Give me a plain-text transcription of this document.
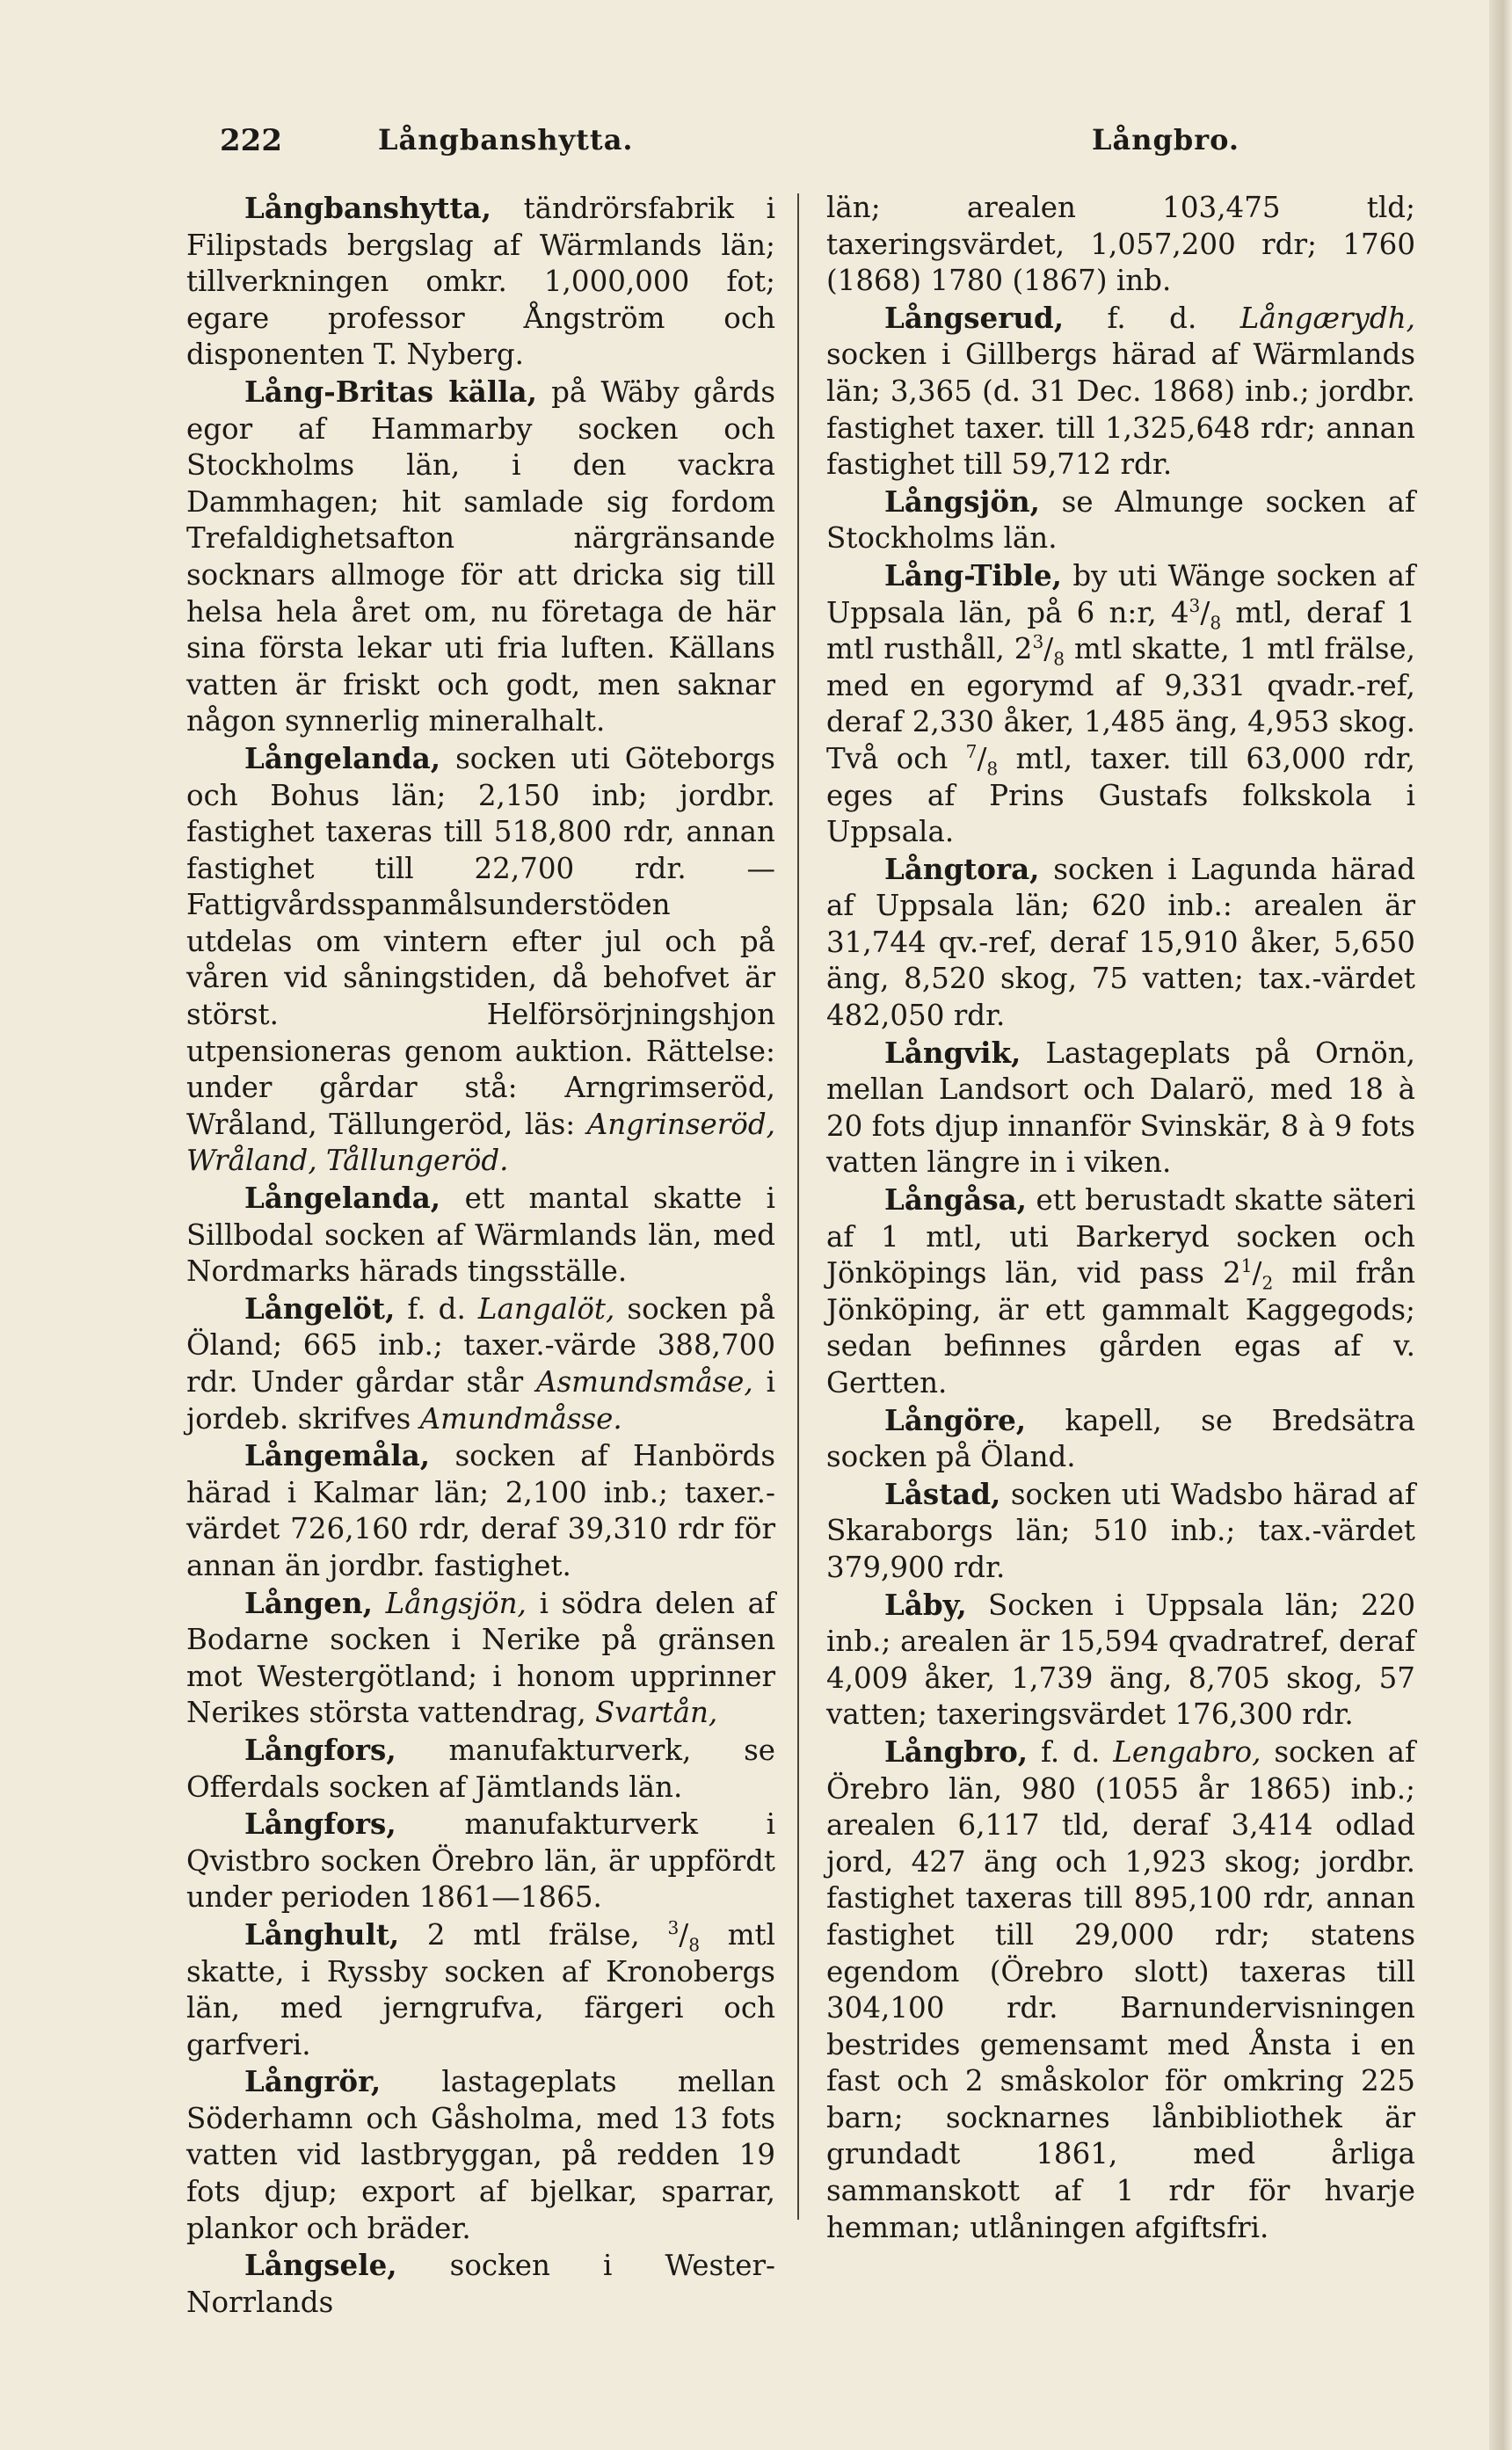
222	Långbanshytta.	Långbro.

Långbanshytta, tändrörsfabrik i Filipstads bergslag af Wärmlands län; tillverkningen omkr. 1,000,000 fot; egare professor Ångström och disponenten T. Nyberg.

Lång-Britas källa, på Wäby gårds egor af Hammarby socken och Stockholms län, i den vackra Dammhagen; hit samlade sig fordom Trefaldighetsafton närgränsande socknars allmoge för att dricka sig till helsa hela året om, nu företaga de här sina första lekar uti fria luften. Källans vatten är friskt och godt, men saknar någon synnerlig mineralhalt.

Långelanda, socken uti Göteborgs och Bohus län; 2,150 inb; jordbr. fastighet taxeras till 518,800 rdr, annan fastighet till 22,700 rdr. — Fattigvårdsspanmålsunderstöden utdelas om vintern efter jul och på våren vid såningstiden, då behofvet är störst. Helförsörjningshjon utpensioneras genom auktion. Rättelse: under gårdar stå: Arngrimseröd, Wråland, Tällungeröd, läs: Angrinseröd, Wråland, Tållungeröd.

Långelanda, ett mantal skatte i Sillbodal socken af Wärmlands län, med Nordmarks härads tingsställe.

Långelöt, f. d. Langalöt, socken på Öland; 665 inb.; taxer.-värde 388,700 rdr. Under gårdar står Asmundsmåse, i jordeb. skrifves Amundmåsse.

Långemåla, socken af Hanbörds härad i Kalmar län; 2,100 inb.; taxer.-värdet 726,160 rdr, deraf 39,310 rdr för annan än jordbr. fastighet.

Lången, Långsjön, i södra delen af Bodarne socken i Nerike på gränsen mot Westergötland; i honom upprinner Nerikes största vattendrag, Svartån,

Långfors, manufakturverk, se Offerdals socken af Jämtlands län.

Långfors, manufakturverk i Qvistbro socken Örebro län, är uppfördt under perioden 1861—1865.

Långhult, 2 mtl frälse, $^3/_8$ mtl skatte, i Ryssby socken af Kronobergs län, med jerngrufva, färgeri och garfveri.

Långrör, lastageplats mellan Söderhamn och Gåsholma, med 13 fots vatten vid lastbryggan, på redden 19 fots djup; export af bjelkar, sparrar, plankor och bräder.

Långsele, socken i Wester-Norrlands

län; arealen 103,475 tld; taxeringsvärdet, 1,057,200 rdr; 1760 (1868) 1780 (1867) inb.

Långserud, f. d. Långærydh, socken i Gillbergs härad af Wärmlands län; 3,365 (d. 31 Dec. 1868) inb.; jordbr. fastighet taxer. till 1,325,648 rdr; annan fastighet till 59,712 rdr.

Långsjön, se Almunge socken af Stockholms län.

Lång-Tible, by uti Wänge socken af Uppsala län, på 6 n:r, $4^3/_8$ mtl, deraf 1 mtl rusthåll, $2^3/_8$ mtl skatte, 1 mtl frälse, med en egorymd af 9,331 qvadr.-ref, deraf 2,330 åker, 1,485 äng, 4,953 skog. Två och $^7/_8$ mtl, taxer. till 63,000 rdr, eges af Prins Gustafs folkskola i Uppsala.

Långtora, socken i Lagunda härad af Uppsala län; 620 inb.: arealen är 31,744 qv.-ref, deraf 15,910 åker, 5,650 äng, 8,520 skog, 75 vatten; tax.-värdet 482,050 rdr.

Långvik, Lastageplats på Ornön, mellan Landsort och Dalarö, med 18 à 20 fots djup innanför Svinskär, 8 à 9 fots vatten längre in i viken.

Långåsa, ett berustadt skatte säteri af 1 mtl, uti Barkeryd socken och Jönköpings län, vid pass $2^1/_2$ mil från Jönköping, är ett gammalt Kaggegods; sedan befinnes gården egas af v. Gertten.

Långöre, kapell, se Bredsätra socken på Öland.

Låstad, socken uti Wadsbo härad af Skaraborgs län; 510 inb.; tax.-värdet 379,900 rdr.

Låby, Socken i Uppsala län; 220 inb.; arealen är 15,594 qvadratref, deraf 4,009 åker, 1,739 äng, 8,705 skog, 57 vatten; taxeringsvärdet 176,300 rdr.

Långbro, f. d. Lengabro, socken af Örebro län, 980 (1055 år 1865) inb.; arealen 6,117 tld, deraf 3,414 odlad jord, 427 äng och 1,923 skog; jordbr. fastighet taxeras till 895,100 rdr, annan fastighet till 29,000 rdr; statens egendom (Örebro slott) taxeras till 304,100 rdr. Barnundervisningen bestrides gemensamt med Ånsta i en fast och 2 småskolor för omkring 225 barn; socknarnes lånbibliothek är grundadt 1861, med årliga sammanskott af 1 rdr för hvarje hemman; utlåningen afgiftsfri.
